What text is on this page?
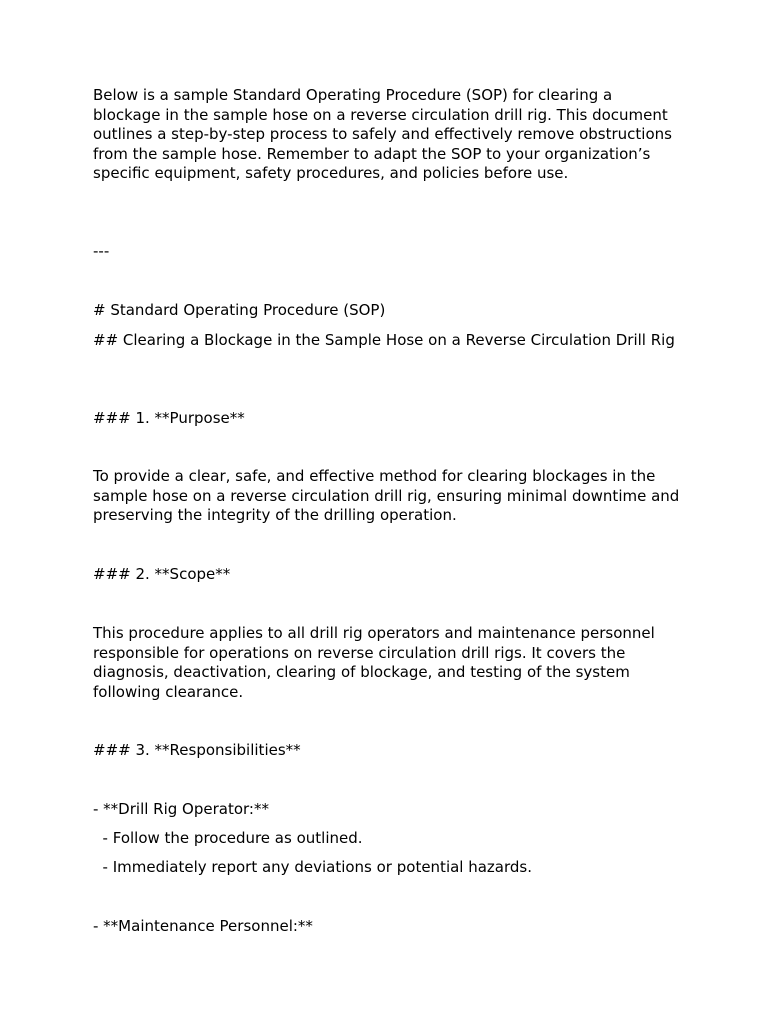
Below is a sample Standard Operating Procedure (SOP) for clearing a blockage in the sample hose on a reverse circulation drill rig. This document outlines a step-by-step process to safely and effectively remove obstructions from the sample hose. Remember to adapt the SOP to your organization’s specific equipment, safety procedures, and policies before use.

---

# Standard Operating Procedure (SOP)

## Clearing a Blockage in the Sample Hose on a Reverse Circulation Drill Rig

### 1. **Purpose**

To provide a clear, safe, and effective method for clearing blockages in the sample hose on a reverse circulation drill rig, ensuring minimal downtime and preserving the integrity of the drilling operation.

### 2. **Scope**

This procedure applies to all drill rig operators and maintenance personnel responsible for operations on reverse circulation drill rigs. It covers the diagnosis, deactivation, clearing of blockage, and testing of the system following clearance.

### 3. **Responsibilities**

- **Drill Rig Operator:**

- Follow the procedure as outlined.

- Immediately report any deviations or potential hazards.

- **Maintenance Personnel:**
